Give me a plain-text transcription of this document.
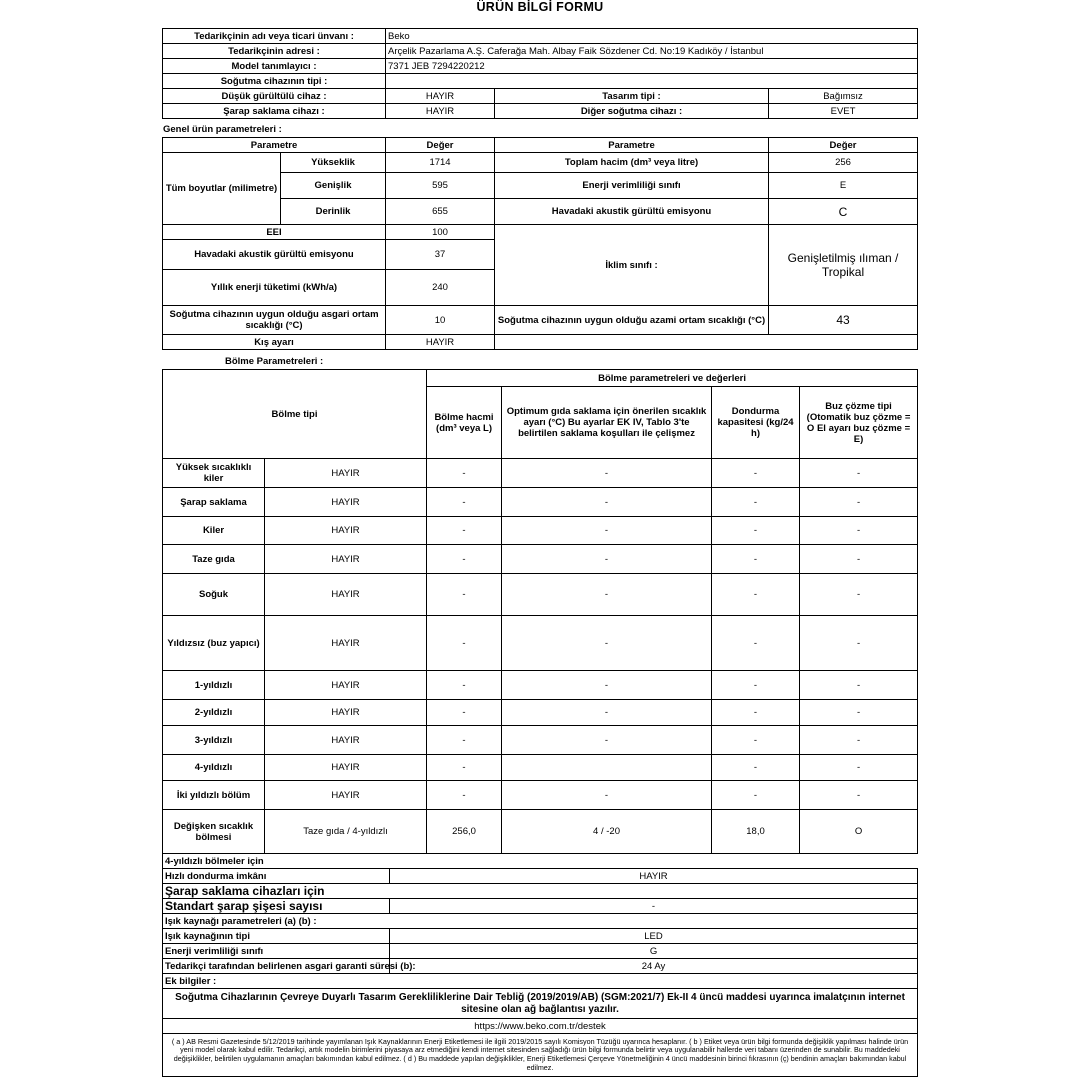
ÜRÜN BİLGİ FORMU
Tedarikçinin adı veya ticari ünvanı :	Beko		
Tedarikçinin adresi :	Arçelik Pazarlama A.Ş. Caferağa Mah. Albay Faik Sözdener Cd. No:19 Kadıköy / İstanbul		
Model tanımlayıcı :	7371 JEB 7294220212		
Soğutma cihazının tipi :			
Düşük gürültülü cihaz :	HAYIR	Tasarım tipi :	Bağımsız
Şarap saklama cihazı :	HAYIR	Diğer soğutma cihazı :	EVET
Genel ürün parametreleri :
Parametre		Değer	Parametre	Değer
Tüm boyutlar (milimetre)	Yükseklik	1714	Toplam hacim (dm³ veya litre)	256
	Genişlik	595	Enerji verimliliği sınıfı	E
	Derinlik	655	Havadaki akustik gürültü emisyonu	C
EEI		100	İklim sınıfı :	Genişletilmiş ılıman / Tropikal
Havadaki akustik gürültü emisyonu		37		
Yıllık enerji tüketimi (kWh/a)		240		
Soğutma cihazının uygun olduğu asgari ortam sıcaklığı (°C)		10	Soğutma cihazının uygun olduğu azami ortam sıcaklığı (°C)	43
Kış ayarı		HAYIR		
Bölme Parametreleri :
Bölme tipi		Bölme parametreleri ve değerleri			
		Bölme hacmi (dm³ veya L)	Optimum gıda saklama için önerilen sıcaklık ayarı (°C) Bu ayarlar EK IV, Tablo 3'te belirtilen saklama koşulları ile çelişmez	Dondurma kapasitesi (kg/24 h)	Buz çözme tipi (Otomatik buz çözme = O El ayarı buz çözme = E)
Yüksek sıcaklıklı kiler	HAYIR	-	-	-	-
Şarap saklama	HAYIR	-	-	-	-
Kiler	HAYIR	-	-	-	-
Taze gıda	HAYIR	-	-	-	-
Soğuk	HAYIR	-	-	-	-
Yıldızsız (buz yapıcı)	HAYIR	-	-	-	-
1-yıldızlı	HAYIR	-	-	-	-
2-yıldızlı	HAYIR	-	-	-	-
3-yıldızlı	HAYIR	-	-	-	-
4-yıldızlı	HAYIR	-		-	-
İki yıldızlı bölüm	HAYIR	-	-	-	-
Değişken sıcaklık bölmesi	Taze gıda / 4-yıldızlı	256,0	4 / -20	18,0	O
4-yıldızlı bölmeler için	
Hızlı dondurma imkânı	HAYIR
Şarap saklama cihazları için	
Standart şarap şişesi sayısı	-
Işık kaynağı parametreleri (a) (b) :	
Işık kaynağının tipi	LED
Enerji verimliliği sınıfı	G
Tedarikçi tarafından belirlenen asgari garanti süresi (b):	24 Ay
Ek bilgiler :	
Soğutma Cihazlarının Çevreye Duyarlı Tasarım Gerekliliklerine Dair Tebliğ (2019/2019/AB) (SGM:2021/7) Ek-II 4 üncü maddesi uyarınca imalatçının internet sitesine olan ağ bağlantısı yazılır.	
https://www.beko.com.tr/destek	
( a ) AB Resmi Gazetesinde 5/12/2019 tarihinde yayımlanan Işık Kaynaklarının Enerji Etiketlemesi ile ilgili 2019/2015 sayılı Komisyon Tüzüğü uyarınca hesaplanır. ( b ) Etiket veya ürün bilgi formunda değişiklik yapılması halinde ürün yeni model olarak kabul edilir. Tedarikçi, artık modelin birimlerini piyasaya arz etmediğini kendi internet sitesinden sağladığı ürün bilgi formunda belirtir veya uygulanabilir hallerde veri tabanı üzerinden de sunabilir. Bu maddedeki değişiklikler, belirtilen uygulamanın amaçları bakımından kabul edilmez. ( d ) Bu maddede yapılan değişiklikler, Enerji Etiketlemesi Çerçeve Yönetmeliğinin 4 üncü maddesinin birinci fıkrasının (ç) bendinin amaçları bakımından kabul edilmez.	
